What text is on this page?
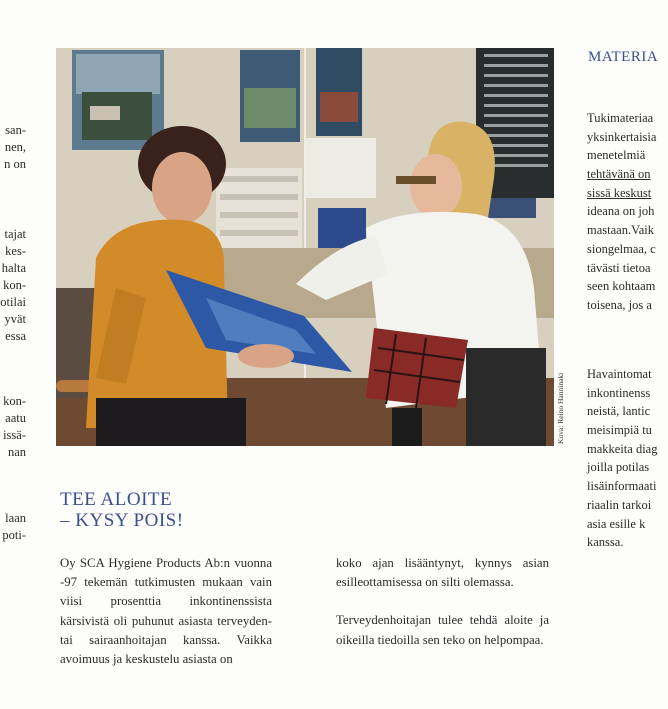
san-
nen,
n on
tajat
kes-
halta
kon-
otilai
yvät
essa
kon-
aatu
issä-
nan
laan
poti-
Kuva: Reino Hanninaki
TEE ALOITE
– KYSY POIS!

Oy SCA Hygiene Products Ab:n vuonna -97 tekemän tutkimusten mukaan vain viisi prosenttia inkontinenssista kärsivistä oli puhunut asiasta terveyden- tai sairaanhoitajan kanssa. Vaikka avoimuus ja keskustelu asiasta on

koko ajan lisääntynyt, kynnys asian esilleottamisessa on silti olemassa.

Terveydenhoitajan tulee tehdä aloite ja oikeilla tiedoilla sen teko on helpompaa.

MATERIA
Tukimateriaa
yksinkertaisia
menetelmiä
tehtävänä on
sissä keskust
ideana on joh
mastaan.Vaik
siongelmaa, c
tävästi tietoa
seen kohtaam
toisena, jos a
Havaintomat
inkontinenss
neistä, lantic
meisimpiä tu
makkeita diag
joilla potilas
lisäinformaati
riaalin tarkoi
asia esille k
kanssa.
